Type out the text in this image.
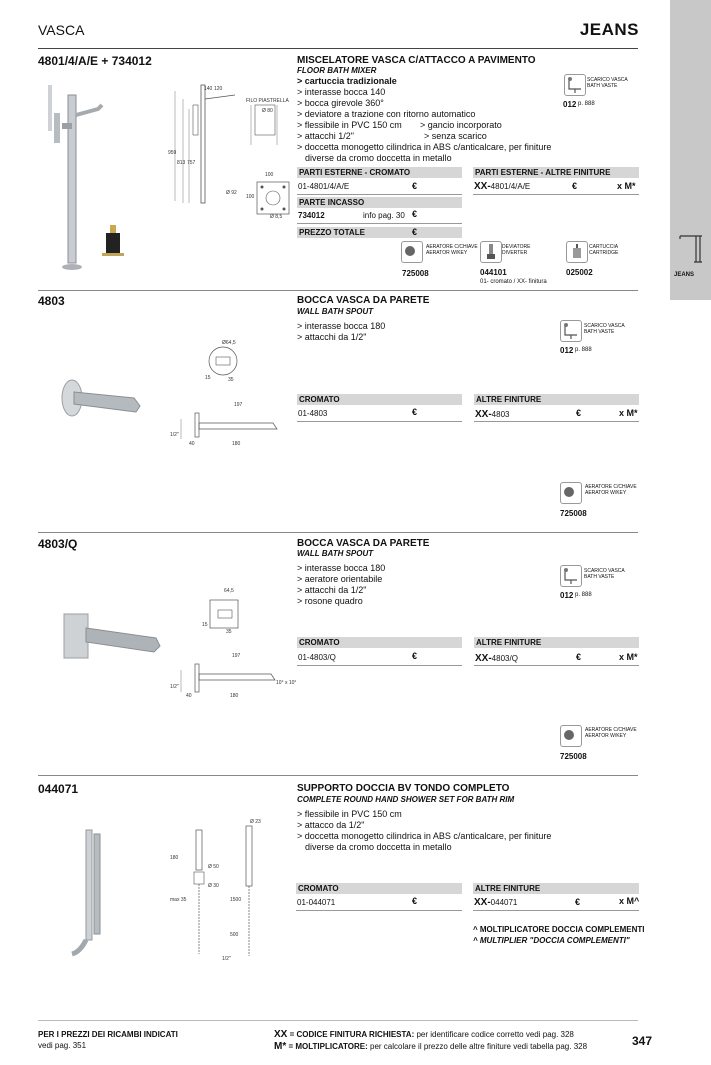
VASCA	JEANS
JEANS
4801/4/A/E + 734012
140 120
FILO PIASTRELLA
Ø 80
959
813 757
Ø 92
100
100
Ø 8,5
MISCELATORE VASCA C/ATTACCO A PAVIMENTO
FLOOR BATH MIXER
> cartuccia tradizionale
> interasse bocca 140
> bocca girevole 360°
> deviatore a trazione con ritorno automatico
> flessibile in PVC 150 cm
> attacchi 1/2"
> doccetta monogetto cilindrica in ABS c/anticalcare, per finiture
diverse da cromo doccetta in metallo
> gancio incorporato
> senza scarico
SCARICO VASCA
BATH VASTE
012 p. 888
PARTI ESTERNE - CROMATO	PARTI ESTERNE - ALTRE FINITURE
01-4801/4/A/E	€	XX-4801/4/A/E	€	x M*
PARTE INCASSO
734012	info pag. 30 €
PREZZO TOTALE	€
AERATORE C/CHIAVE
AERATOR W/KEY
725008
DEVIATORE
DIVERTER
044101
01- cromato / XX- finitura
CARTUCCIA
CARTRIDGE
025002
4803
Ø64,5
15	35
197
1/2"
40	180
BOCCA VASCA DA PARETE
WALL BATH SPOUT
> interasse bocca 180
> attacchi da 1/2"
SCARICO VASCA
BATH VASTE
012 p. 888
CROMATO	ALTRE FINITURE
01-4803	€	XX-4803	€	x M*
AERATORE C/CHIAVE
AERATOR W/KEY
725008
4803/Q
64,5
15
35
197
1/2"
40	180
10° x 10°
BOCCA VASCA DA PARETE
WALL BATH SPOUT
> interasse bocca 180
> aeratore orientabile
> attacchi da 1/2"
> rosone quadro
SCARICO VASCA
BATH VASTE
012 p. 888
CROMATO	ALTRE FINITURE
01-4803/Q	€	XX-4803/Q	€	x M*
AERATORE C/CHIAVE
AERATOR W/KEY
725008
044071
Ø 23
180
Ø 50
Ø 30
max 35	1500
500
1/2"
SUPPORTO DOCCIA BV TONDO COMPLETO
COMPLETE ROUND HAND SHOWER SET FOR BATH RIM
> flessibile in PVC 150 cm
> attacco da 1/2"
> doccetta monogetto cilindrica in ABS c/anticalcare, per finiture
diverse da cromo doccetta in metallo
CROMATO	ALTRE FINITURE
01-044071	€	XX-044071	€	x M^
^ MOLTIPLICATORE DOCCIA COMPLEMENTI
^ MULTIPLIER "DOCCIA COMPLEMENTI"
PER I PREZZI DEI RICAMBI INDICATI
vedi pag. 351
XX = CODICE FINITURA RICHIESTA: per identificare codice corretto vedi pag. 328
M* = MOLTIPLICATORE: per calcolare il prezzo delle altre finiture vedi tabella pag. 328	347
